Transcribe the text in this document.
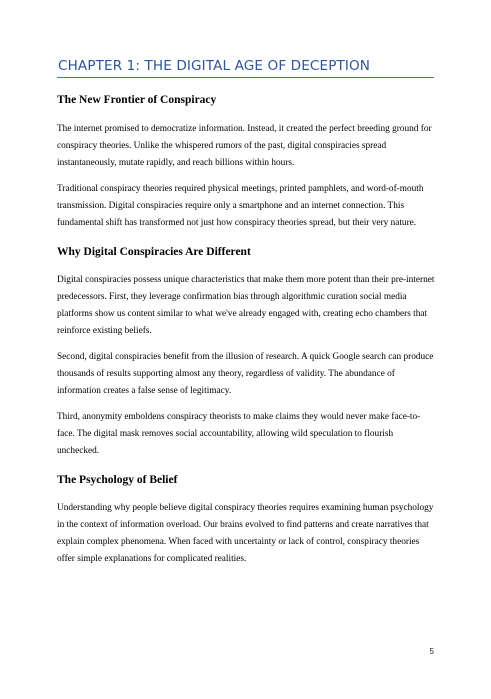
CHAPTER 1: THE DIGITAL AGE OF DECEPTION
The New Frontier of Conspiracy

The internet promised to democratize information. Instead, it created the perfect breeding ground for conspiracy theories. Unlike the whispered rumors of the past, digital conspiracies spread instantaneously, mutate rapidly, and reach billions within hours.

Traditional conspiracy theories required physical meetings, printed pamphlets, and word-of-mouth transmission. Digital conspiracies require only a smartphone and an internet connection. This fundamental shift has transformed not just how conspiracy theories spread, but their very nature.

Why Digital Conspiracies Are Different

Digital conspiracies possess unique characteristics that make them more potent than their pre-internet predecessors. First, they leverage confirmation bias through algorithmic curation social media platforms show us content similar to what we've already engaged with, creating echo chambers that reinforce existing beliefs.

Second, digital conspiracies benefit from the illusion of research. A quick Google search can produce thousands of results supporting almost any theory, regardless of validity. The abundance of information creates a false sense of legitimacy.

Third, anonymity emboldens conspiracy theorists to make claims they would never make face-to-face. The digital mask removes social accountability, allowing wild speculation to flourish unchecked.

The Psychology of Belief

Understanding why people believe digital conspiracy theories requires examining human psychology in the context of information overload. Our brains evolved to find patterns and create narratives that explain complex phenomena. When faced with uncertainty or lack of control, conspiracy theories offer simple explanations for complicated realities.

5
